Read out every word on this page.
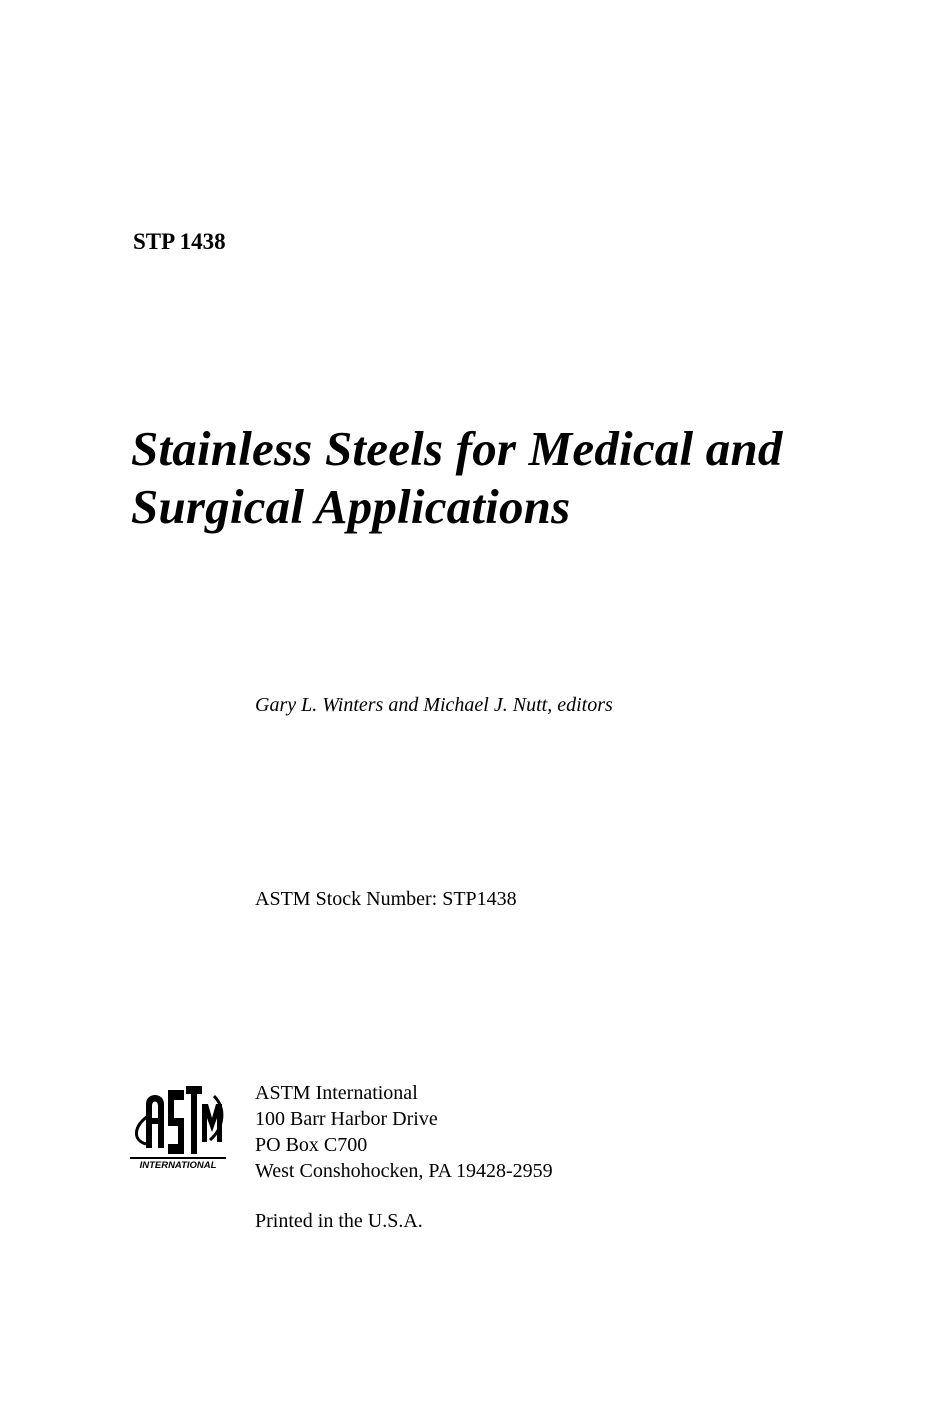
STP 1438
Stainless Steels for Medical and
Surgical Applications
Gary L. Winters and Michael J. Nutt, editors
ASTM Stock Number: STP1438
INTERNATIONAL
ASTM International
100 Barr Harbor Drive
PO Box C700
West Conshohocken, PA 19428-2959
Printed in the U.S.A.
